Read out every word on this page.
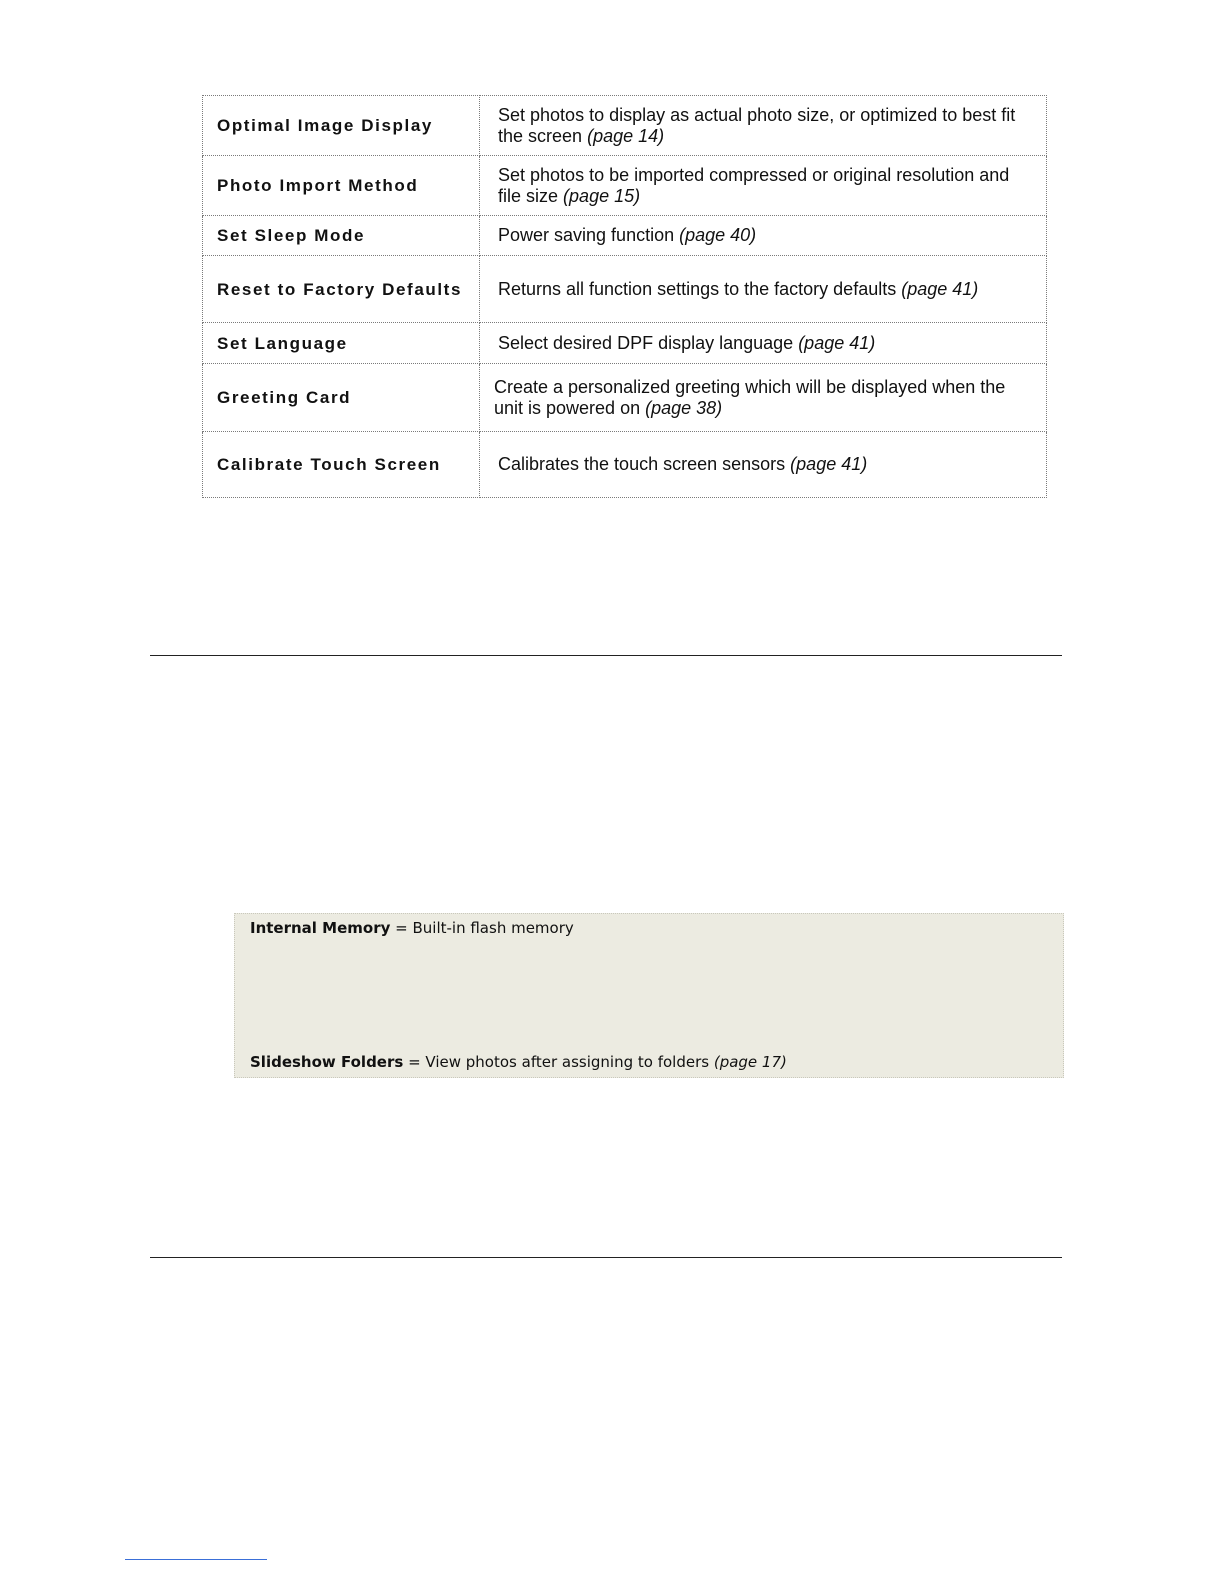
Optimal Image Display	Set photos to display as actual photo size, or optimized to best fit the screen (page 14)
Photo Import Method	Set photos to be imported compressed or original resolution and file size (page 15)
Set Sleep Mode	Power saving function (page 40)
Reset to Factory Defaults	Returns all function settings to the factory defaults (page 41)
Set Language	Select desired DPF display language (page 41)
Greeting Card	Create a personalized greeting which will be displayed when the unit is powered on (page 38)
Calibrate Touch Screen	Calibrates the touch screen sensors (page 41)
Internal Memory = Built-in flash memory
Slideshow Folders = View photos after assigning to folders (page 17)
